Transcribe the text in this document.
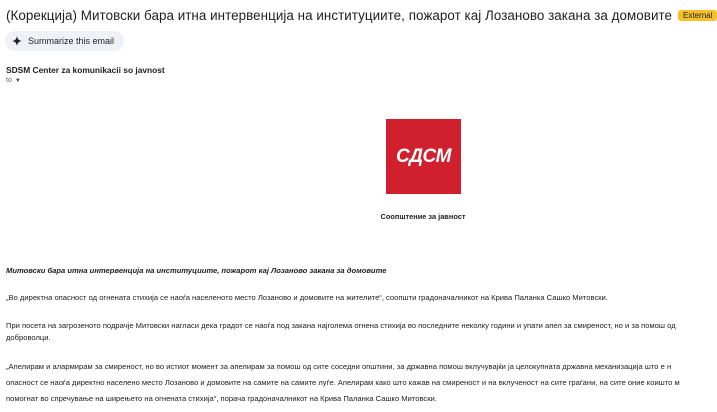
(Корекција) Митовски бара итна интервенција на институциите, пожарот кај Лозаново закана за домовите	External
Summarize this email
SDSM Center za komunikacii so javnost
to ▼
СДСМ
Соопштение за јавност
Митовски бара итна интервенција на институциите, пожарот кај Лозаново закана за домовите
„Во директна опасност од огнената стихија се наоѓа населеното место Лозаново и домовите на жителите“, соопшти градоначалникот на Крива Паланка Сашко Митовски.
При посета на загрозеното подрачје Митовски нагласи дека градот се наоѓа под закана најголема огнена стихија во последните неколку години и упати апел за смиреност, но и за помош од
доброволци.
„Апелирам и алармирам за смиреност, но во истиот момент за апелирам за помош од сите соседни општини, за државна помош вклучувајќи ја целокупната државна механизација што е н
опасност се наоѓа директно населено место Лозаново и домовите на самите на самите луѓе. Апелирам како што кажав на смиреност и на вклученост на сите граѓани, на сите оние коишто м
помогнат во спречување на ширењето на огнената стихија“, порача градоначалникот на Крива Паланка Сашко Митовски.
